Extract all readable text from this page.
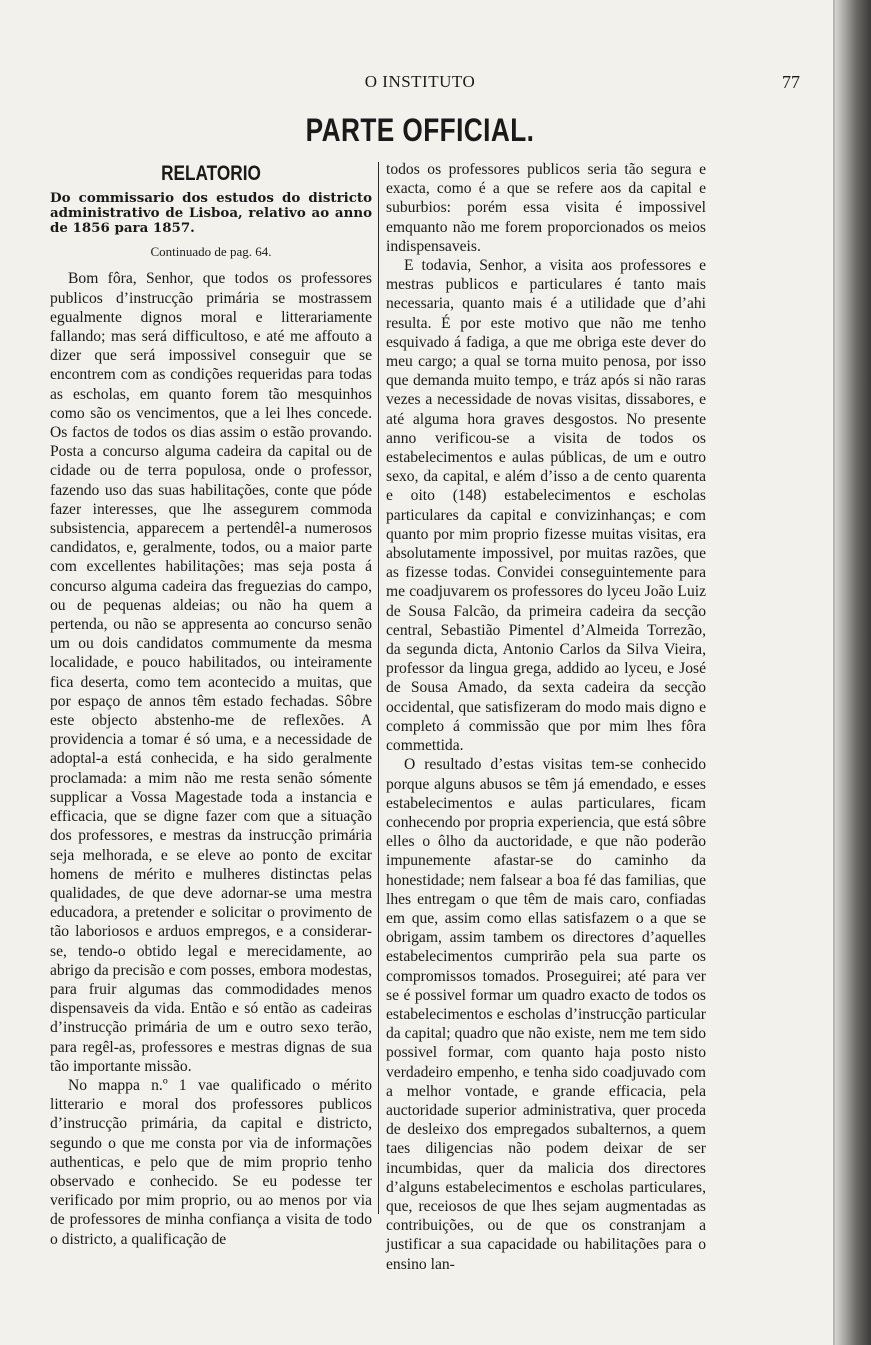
O INSTITUTO	77
PARTE OFFICIAL.
RELATORIO
Do commissario dos estudos do districto administrativo de Lisboa, relativo ao anno de 1856 para 1857.
Continuado de pag. 64.

Bom fôra, Senhor, que todos os professores publicos d’instrucção primária se mostrassem egualmente dignos moral e litterariamente fallando; mas será difficultoso, e até me affouto a dizer que será impossivel conseguir que se encontrem com as condições requeridas para todas as escholas, em quanto forem tão mesquinhos como são os vencimentos, que a lei lhes concede. Os factos de todos os dias assim o estão provando. Posta a concurso alguma cadeira da capital ou de cidade ou de terra populosa, onde o professor, fazendo uso das suas habilitações, conte que póde fazer interesses, que lhe assegurem commoda subsistencia, apparecem a pertendêl-a numerosos candidatos, e, geralmente, todos, ou a maior parte com excellentes habilitações; mas seja posta á concurso alguma cadeira das freguezias do campo, ou de pequenas aldeias; ou não ha quem a pertenda, ou não se appresenta ao concurso senão um ou dois candidatos commumente da mesma localidade, e pouco habilitados, ou inteiramente fica deserta, como tem acontecido a muitas, que por espaço de annos têm estado fechadas. Sôbre este objecto abstenho-me de reflexões. A providencia a tomar é só uma, e a necessidade de adoptal-a está conhecida, e ha sido geralmente proclamada: a mim não me resta senão sómente supplicar a Vossa Magestade toda a instancia e efficacia, que se digne fazer com que a situação dos professores, e mestras da instrucção primária seja melhorada, e se eleve ao ponto de excitar homens de mérito e mulheres distinctas pelas qualidades, de que deve adornar-se uma mestra educadora, a pretender e solicitar o provimento de tão laboriosos e arduos empregos, e a considerar-se, tendo-o obtido legal e merecidamente, ao abrigo da precisão e com posses, embora modestas, para fruir algumas das commodidades menos dispensaveis da vida. Então e só então as cadeiras d’instrucção primária de um e outro sexo terão, para regêl-as, professores e mestras dignas de sua tão importante missão.

No mappa n.º 1 vae qualificado o mérito litterario e moral dos professores publicos d’instrucção primária, da capital e districto, segundo o que me consta por via de informações authenticas, e pelo que de mim proprio tenho observado e conhecido. Se eu podesse ter verificado por mim proprio, ou ao menos por via de professores de minha confiança a visita de todo o districto, a qualificação de

todos os professores publicos seria tão segura e exacta, como é a que se refere aos da capital e suburbios: porém essa visita é impossivel emquanto não me forem proporcionados os meios indispensaveis.

E todavia, Senhor, a visita aos professores e mestras publicos e particulares é tanto mais necessaria, quanto mais é a utilidade que d’ahi resulta. É por este motivo que não me tenho esquivado á fadiga, a que me obriga este dever do meu cargo; a qual se torna muito penosa, por isso que demanda muito tempo, e tráz após si não raras vezes a necessidade de novas visitas, dissabores, e até alguma hora graves desgostos. No presente anno verificou-se a visita de todos os estabelecimentos e aulas públicas, de um e outro sexo, da capital, e além d’isso a de cento quarenta e oito (148) estabelecimentos e escholas particulares da capital e convizinhanças; e com quanto por mim proprio fizesse muitas visitas, era absolutamente impossivel, por muitas razões, que as fizesse todas. Convidei conseguintemente para me coadjuvarem os professores do lyceu João Luiz de Sousa Falcão, da primeira cadeira da secção central, Sebastião Pimentel d’Almeida Torrezão, da segunda dicta, Antonio Carlos da Silva Vieira, professor da lingua grega, addido ao lyceu, e José de Sousa Amado, da sexta cadeira da secção occidental, que satisfizeram do modo mais digno e completo á commissão que por mim lhes fôra commettida.

O resultado d’estas visitas tem-se conhecido porque alguns abusos se têm já emendado, e esses estabelecimentos e aulas particulares, ficam conhecendo por propria experiencia, que está sôbre elles o ôlho da auctoridade, e que não poderão impunemente afastar-se do caminho da honestidade; nem falsear a boa fé das familias, que lhes entregam o que têm de mais caro, confiadas em que, assim como ellas satisfazem o a que se obrigam, assim tambem os directores d’aquelles estabelecimentos cumprirão pela sua parte os compromissos tomados. Proseguirei; até para ver se é possivel formar um quadro exacto de todos os estabelecimentos e escholas d’instrucção particular da capital; quadro que não existe, nem me tem sido possivel formar, com quanto haja posto nisto verdadeiro empenho, e tenha sido coadjuvado com a melhor vontade, e grande efficacia, pela auctoridade superior administrativa, quer proceda de desleixo dos empregados subalternos, a quem taes diligencias não podem deixar de ser incumbidas, quer da malicia dos directores d’alguns estabelecimentos e escholas particulares, que, receiosos de que lhes sejam augmentadas as contribuições, ou de que os constranjam a justificar a sua capacidade ou habilitações para o ensino lan-
